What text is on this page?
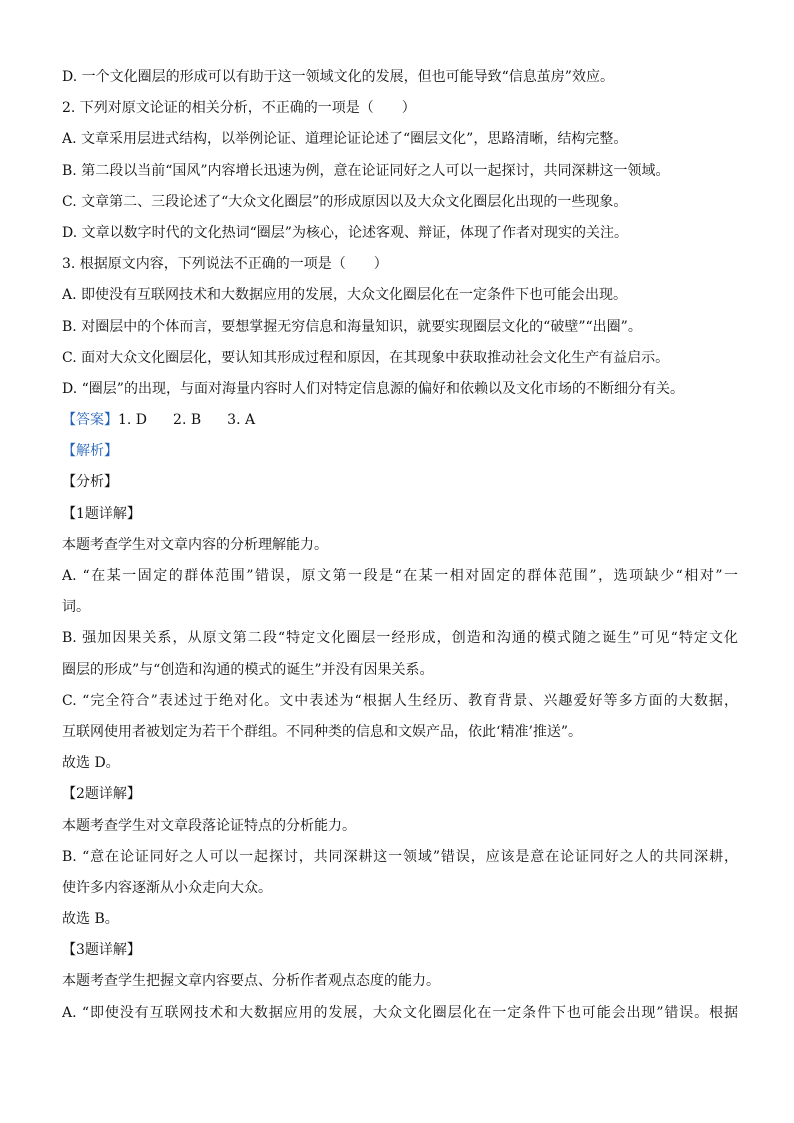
D. 一个文化圈层的形成可以有助于这一领域文化的发展，但也可能导致“信息茧房”效应。
2. 下列对原文论证的相关分析，不正确的一项是（　　）
A. 文章采用层进式结构，以举例论证、道理论证论述了“圈层文化”，思路清晰，结构完整。
B. 第二段以当前“国风”内容增长迅速为例，意在论证同好之人可以一起探讨，共同深耕这一领域。
C. 文章第二、三段论述了“大众文化圈层”的形成原因以及大众文化圈层化出现的一些现象。
D. 文章以数字时代的文化热词“圈层”为核心，论述客观、辩证，体现了作者对现实的关注。
3. 根据原文内容，下列说法不正确的一项是（　　）
A. 即使没有互联网技术和大数据应用的发展，大众文化圈层化在一定条件下也可能会出现。
B. 对圈层中的个体而言，要想掌握无穷信息和海量知识，就要实现圈层文化的“破壁”“出圈”。
C. 面对大众文化圈层化，要认知其形成过程和原因，在其现象中获取推动社会文化生产有益启示。
D. “圈层”的出现，与面对海量内容时人们对特定信息源的偏好和依赖以及文化市场的不断细分有关。
【答案】1. D 2. B 3. A
【解析】
【分析】
【1题详解】
本题考查学生对文章内容的分析理解能力。
A. “在某一固定的群体范围”错误，原文第一段是“在某一相对固定的群体范围”，选项缺少“相对”一
词。
B. 强加因果关系，从原文第二段“特定文化圈层一经形成，创造和沟通的模式随之诞生”可见“特定文化
圈层的形成”与“创造和沟通的模式的诞生”并没有因果关系。
C. “完全符合”表述过于绝对化。文中表述为“根据人生经历、教育背景、兴趣爱好等多方面的大数据，
互联网使用者被划定为若干个群组。不同种类的信息和文娱产品，依此‘精准’推送”。
故选 D。
【2题详解】
本题考查学生对文章段落论证特点的分析能力。
B. “意在论证同好之人可以一起探讨，共同深耕这一领域”错误，应该是意在论证同好之人的共同深耕，
使许多内容逐渐从小众走向大众。
故选 B。
【3题详解】
本题考查学生把握文章内容要点、分析作者观点态度的能力。
A. “即使没有互联网技术和大数据应用的发展，大众文化圈层化在一定条件下也可能会出现”错误。根据
